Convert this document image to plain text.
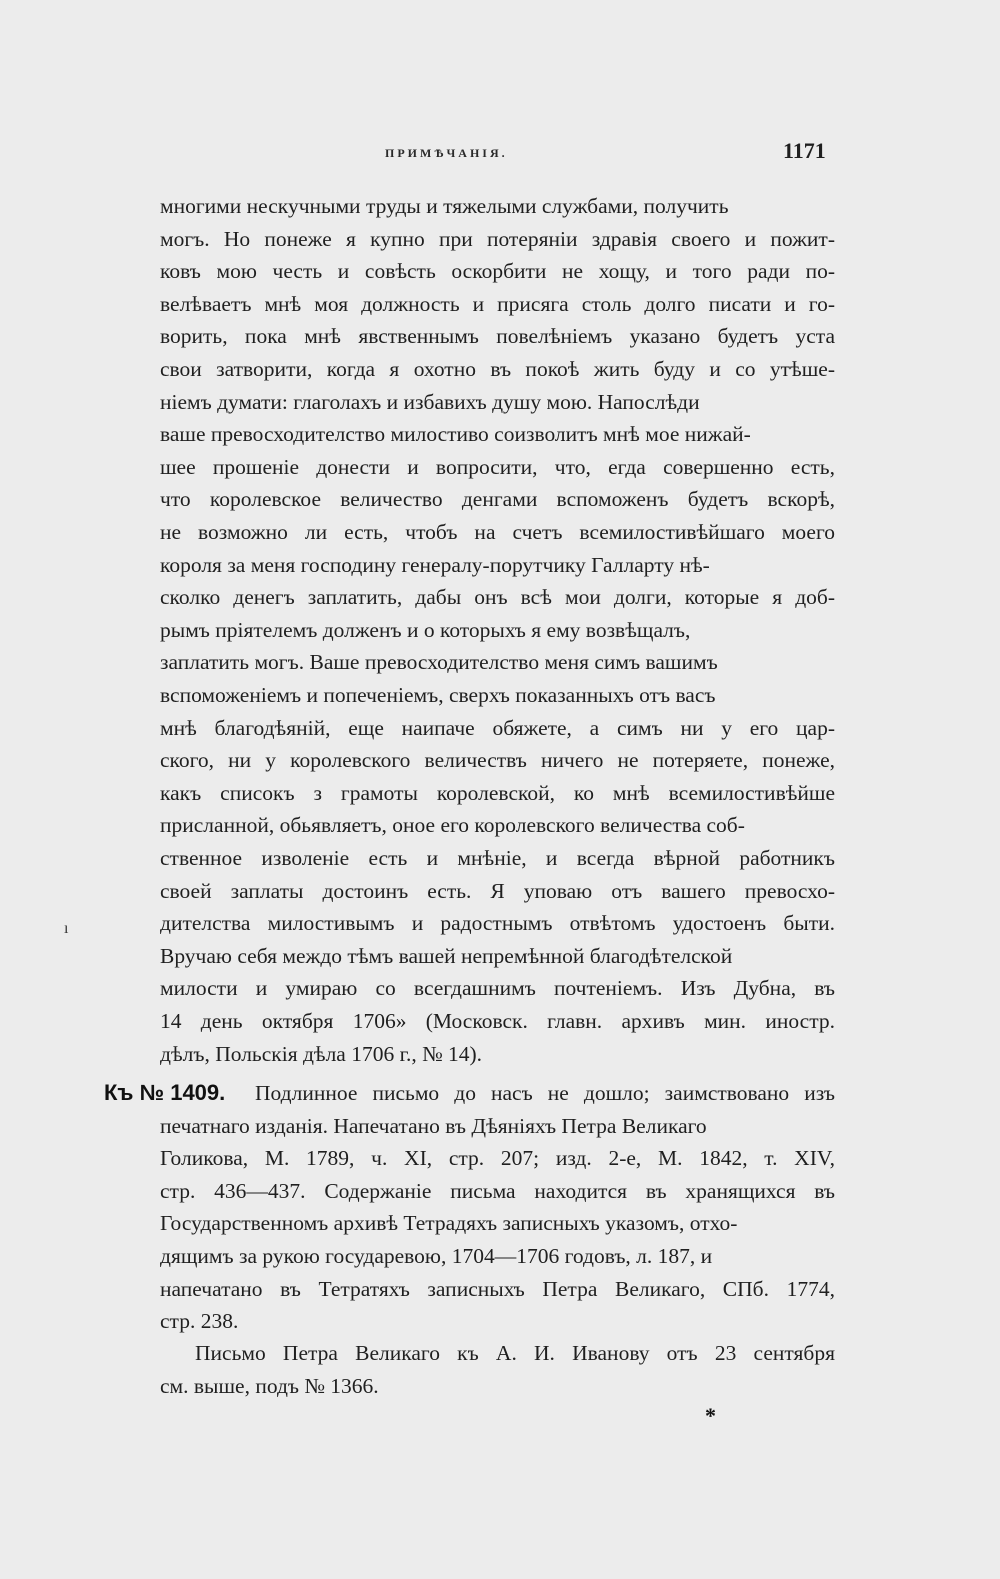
ПРИМѢЧАНІЯ.	1171
многими нескучными труды и тяжелыми службами, получить
могъ. Но понеже я купно при потеряніи здравія своего и пожит-
ковъ мою честь и совѣсть оскорбити не хощу, и того ради по-
велѣваетъ мнѣ моя должность и присяга столь долго писати и го-
ворить, пока мнѣ явственнымъ повелѣніемъ указано будетъ уста
свои затворити, когда я охотно въ покоѣ жить буду и со утѣше-
ніемъ думати: глаголахъ и избавихъ душу мою. Напослѣди
ваше превосходителство милостиво соизволитъ мнѣ мое нижай-
шее прошеніе донести и вопросити, что, егда совершенно есть,
что королевское величество денгами вспоможенъ будетъ вскорѣ,
не возможно ли есть, чтобъ на счетъ всемилостивѣйшаго моего
короля за меня господину генералу-порутчику Галларту нѣ-
сколко денегъ заплатить, дабы онъ всѣ мои долги, которые я доб-
рымъ пріятелемъ долженъ и о которыхъ я ему возвѣщалъ,
заплатить могъ. Ваше превосходителство меня симъ вашимъ
вспоможеніемъ и попеченіемъ, сверхъ показанныхъ отъ васъ
мнѣ благодѣяній, еще наипаче обяжете, а симъ ни у его цар-
ского, ни у королевского величествъ ничего не потеряете, понеже,
какъ списокъ з грамоты королевской, ко мнѣ всемилостивѣйше
присланной, обьявляетъ, оное его королевского величества соб-
ственное изволеніе есть и мнѣніе, и всегда вѣрной работникъ
своей заплаты достоинъ есть. Я уповаю отъ вашего превосхо-
дителства милостивымъ и радостнымъ отвѣтомъ удостоенъ быти.
Вручаю себя междо тѣмъ вашей непремѣнной благодѣтелской
милости и умираю со всегдашнимъ почтеніемъ. Изъ Дубна, въ
14 день октября 1706» (Московск. главн. архивъ мин. иностр.
дѣлъ, Польскія дѣла 1706 г., № 14).
Къ № 1409. Подлинное письмо до насъ не дошло; заимствовано изъ
печатнаго изданія. Напечатано въ Дѣяніяхъ Петра Великаго
Голикова, М. 1789, ч. XI, стр. 207; изд. 2-е, М. 1842, т. XIV,
стр. 436—437. Содержаніе письма находится въ хранящихся въ
Государственномъ архивѣ Тетрадяхъ записныхъ указомъ, отхо-
дящимъ за рукою государевою, 1704—1706 годовъ, л. 187, и
напечатано въ Тетратяхъ записныхъ Петра Великаго, СПб. 1774,
стр. 238.
Письмо Петра Великаго къ А. И. Иванову отъ 23 сентября
см. выше, подъ № 1366.
ı
*
